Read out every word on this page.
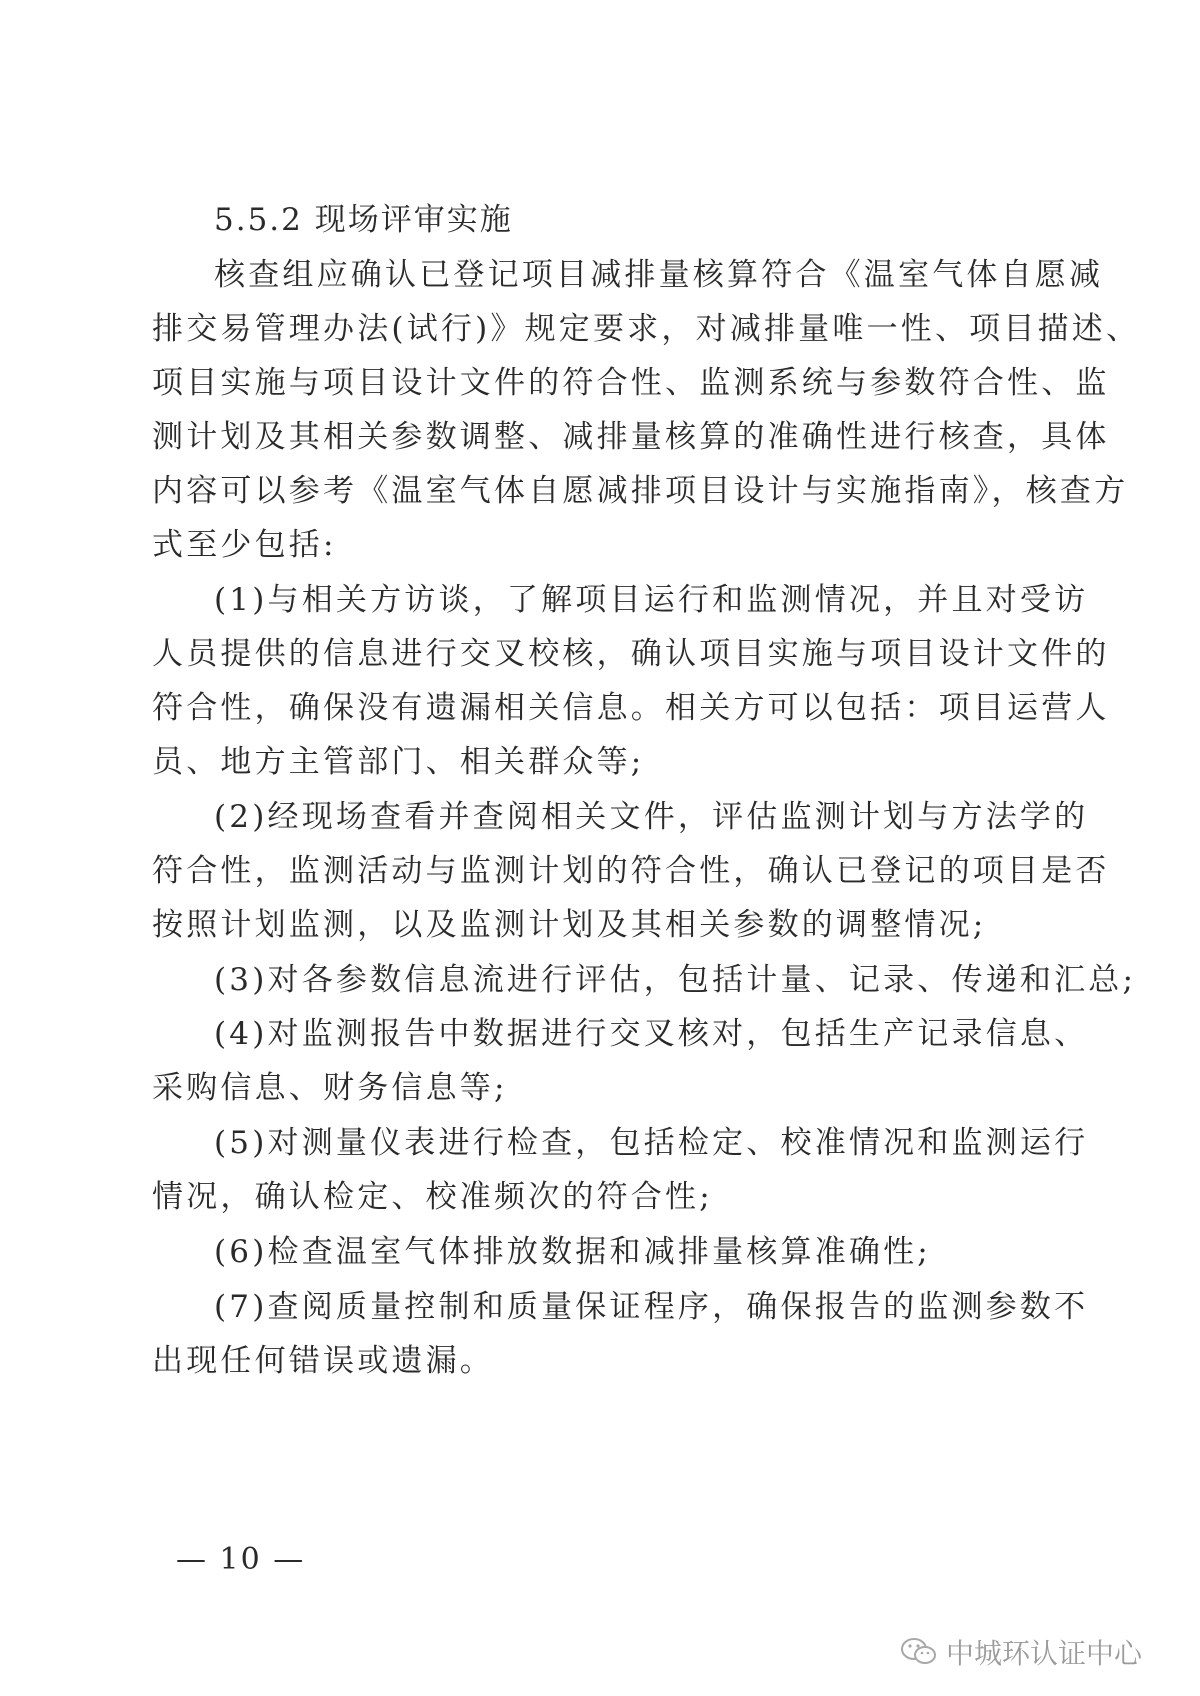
5.5.2 现场评审实施
核查组应确认已登记项目减排量核算符合《温室气体自愿减
排交易管理办法(试行)》规定要求，对减排量唯一性、项目描述、
项目实施与项目设计文件的符合性、监测系统与参数符合性、监
测计划及其相关参数调整、减排量核算的准确性进行核查，具体
内容可以参考《温室气体自愿减排项目设计与实施指南》，核查方
式至少包括:
(1)与相关方访谈，了解项目运行和监测情况，并且对受访
人员提供的信息进行交叉校核，确认项目实施与项目设计文件的
符合性，确保没有遗漏相关信息。相关方可以包括：项目运营人
员、地方主管部门、相关群众等;
(2)经现场查看并查阅相关文件，评估监测计划与方法学的
符合性，监测活动与监测计划的符合性，确认已登记的项目是否
按照计划监测，以及监测计划及其相关参数的调整情况;
(3)对各参数信息流进行评估，包括计量、记录、传递和汇总;
(4)对监测报告中数据进行交叉核对，包括生产记录信息、
采购信息、财务信息等;
(5)对测量仪表进行检查，包括检定、校准情况和监测运行
情况，确认检定、校准频次的符合性;
(6)检查温室气体排放数据和减排量核算准确性;
(7)查阅质量控制和质量保证程序，确保报告的监测参数不
出现任何错误或遗漏。
— 10 —
中城环认证中心
